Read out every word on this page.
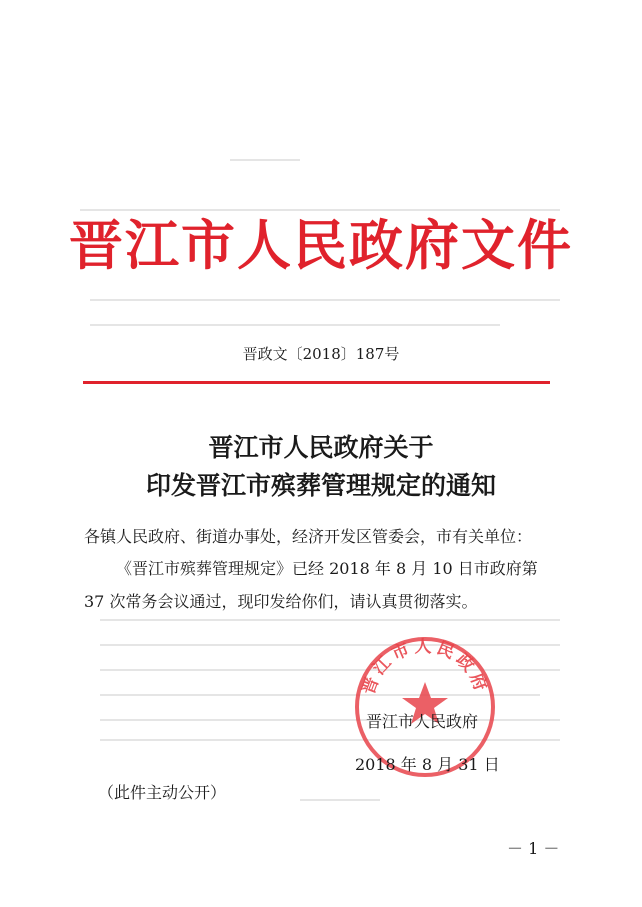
晋江市人民政府文件
晋政文〔2018〕187号
晋江市人民政府关于
印发晋江市殡葬管理规定的通知
各镇人民政府、街道办事处，经济开发区管委会，市有关单位：
《晋江市殡葬管理规定》已经 2018 年 8 月 10 日市政府第
37 次常务会议通过，现印发给你们，请认真贯彻落实。
晋江市人民政府
晋江市人民政府
2018 年 8 月 31 日
（此件主动公开）
－ 1 －
